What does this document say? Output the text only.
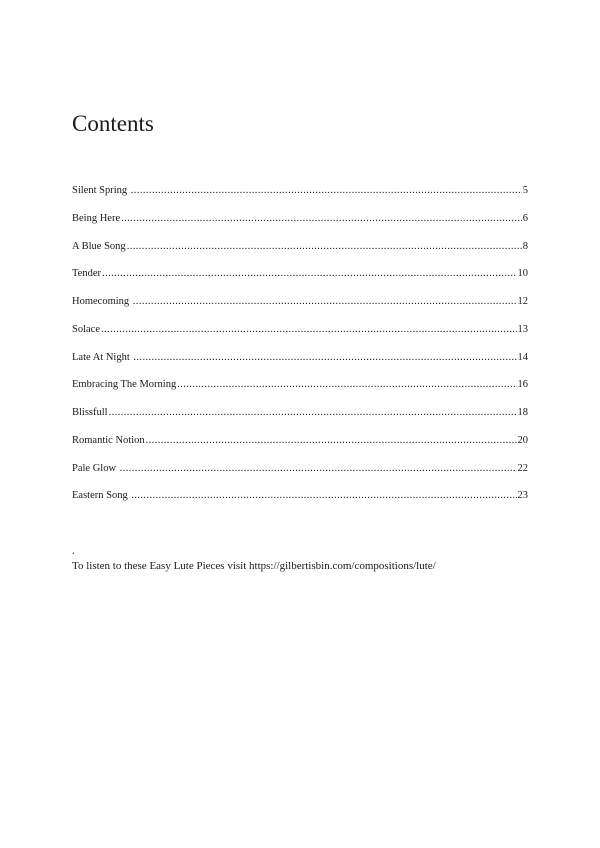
Contents
Silent Spring .....	5
Being Here .....	6
A Blue Song .....	8
Tender .....	10
Homecoming .....	12
Solace .....	13
Late At Night .....	14
Embracing The Morning .....	16
Blissfull .....	18
Romantic Notion .....	20
Pale Glow .....	22
Eastern Song .....	23
.
To listen to these Easy Lute Pieces visit https://gilbertisbin.com/compositions/lute/
